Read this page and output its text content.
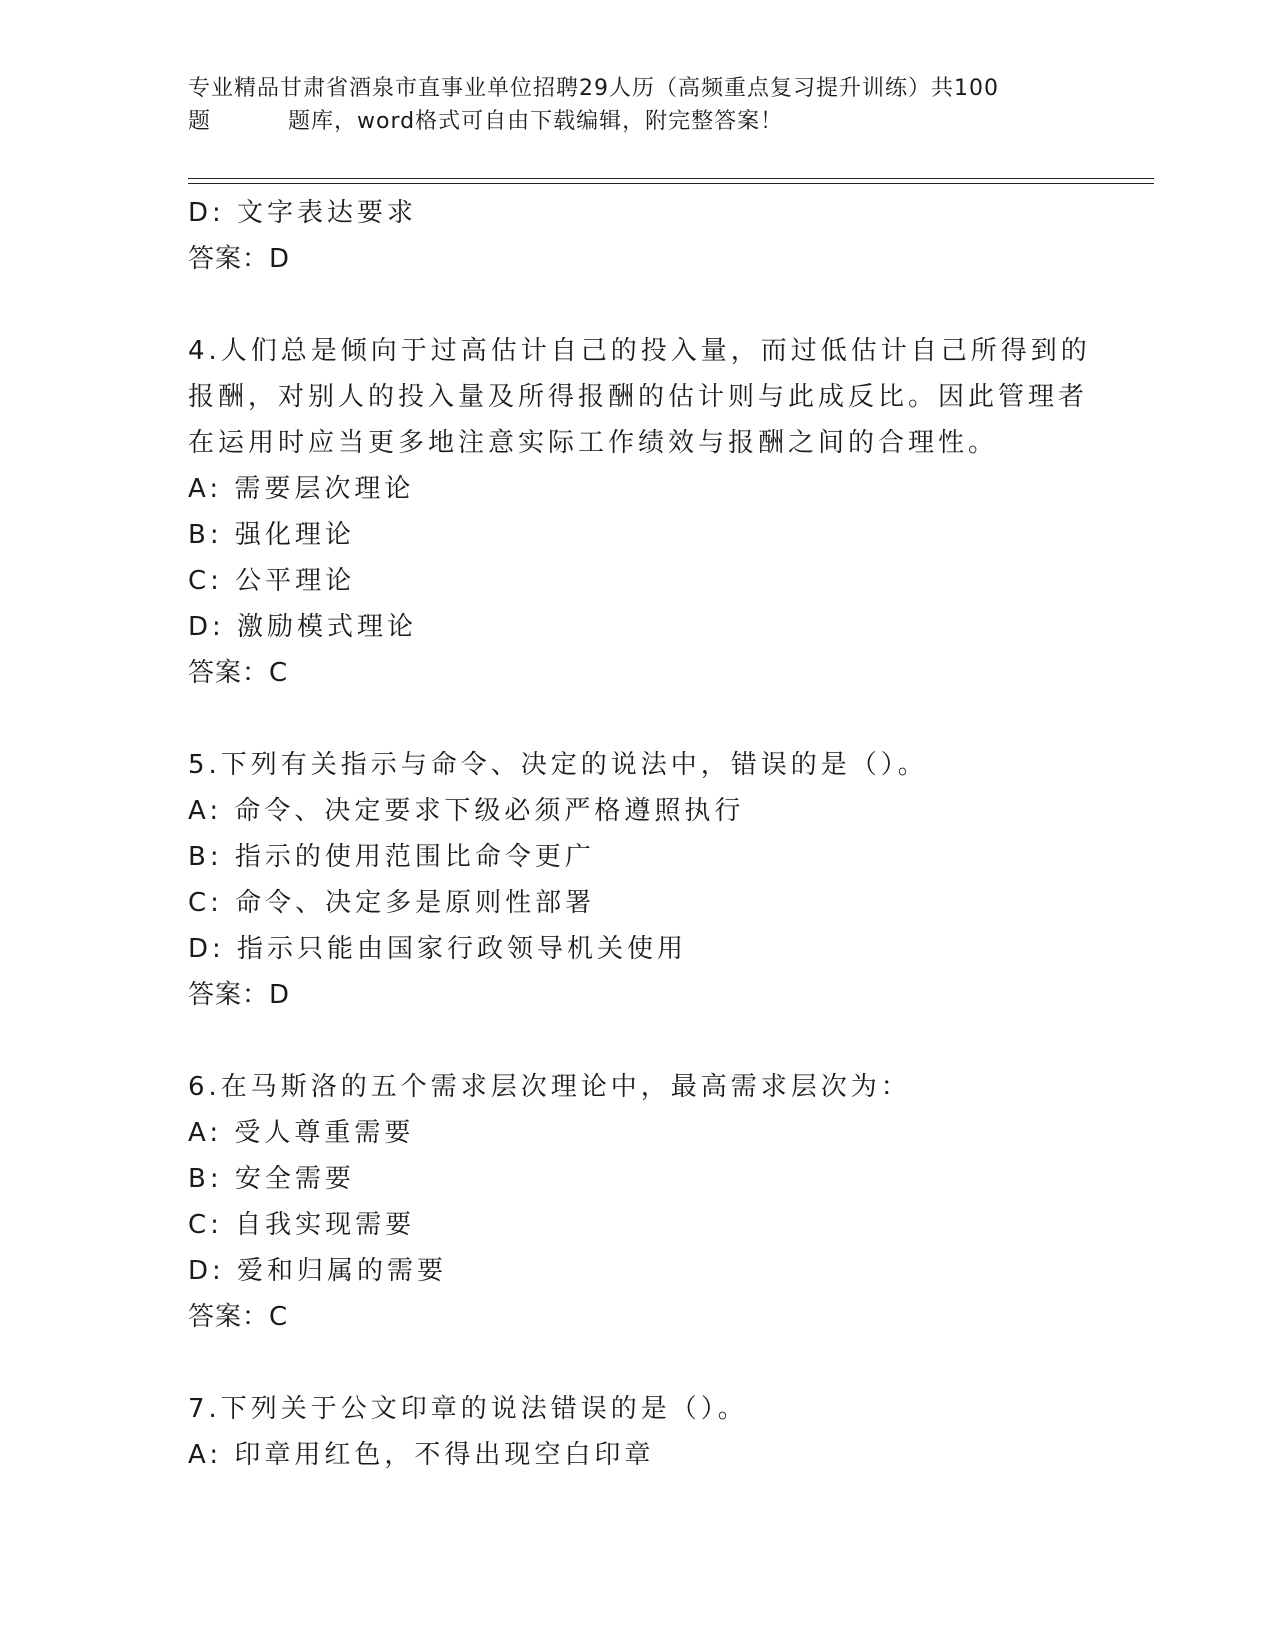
专业精品甘肃省酒泉市直事业单位招聘29人历（高频重点复习提升训练）共100
题	题库，word格式可自由下载编辑，附完整答案！
D: 文字表达要求
答案：D
4.人们总是倾向于过高估计自己的投入量，而过低估计自己所得到的
报酬，对别人的投入量及所得报酬的估计则与此成反比。因此管理者
在运用时应当更多地注意实际工作绩效与报酬之间的合理性。
A: 需要层次理论
B: 强化理论
C: 公平理论
D: 激励模式理论
答案：C
5.下列有关指示与命令、决定的说法中，错误的是（）。
A: 命令、决定要求下级必须严格遵照执行
B: 指示的使用范围比命令更广
C: 命令、决定多是原则性部署
D: 指示只能由国家行政领导机关使用
答案：D
6.在马斯洛的五个需求层次理论中，最高需求层次为：
A: 受人尊重需要
B: 安全需要
C: 自我实现需要
D: 爱和归属的需要
答案：C
7.下列关于公文印章的说法错误的是（）。
A: 印章用红色，不得出现空白印章
